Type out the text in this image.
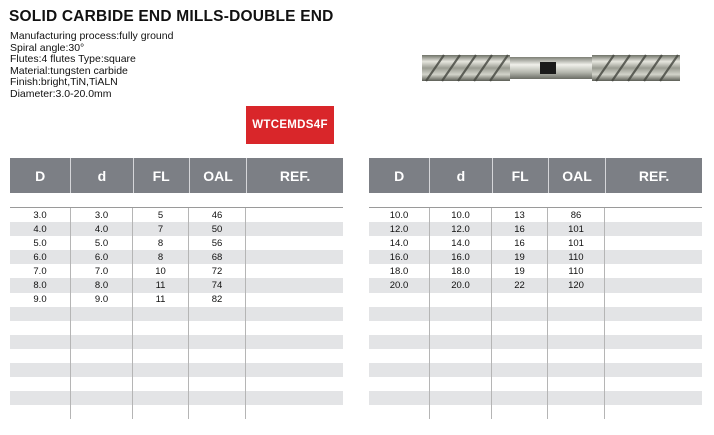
SOLID CARBIDE END MILLS-DOUBLE END
Manufacturing process:fully ground
Spiral angle:30°
Flutes:4 flutes Type:square
Material:tungsten carbide
Finish:bright,TiN,TiALN
Diameter:3.0-20.0mm
WTCEMDS4F
D	d	FL	OAL	REF.
3.0	3.0	5	46
4.0	4.0	7	50
5.0	5.0	8	56
6.0	6.0	8	68
7.0	7.0	10	72
8.0	8.0	11	74
9.0	9.0	11	82
D	d	FL	OAL	REF.
10.0	10.0	13	86
12.0	12.0	16	101
14.0	14.0	16	101
16.0	16.0	19	110
18.0	18.0	19	110
20.0	20.0	22	120
